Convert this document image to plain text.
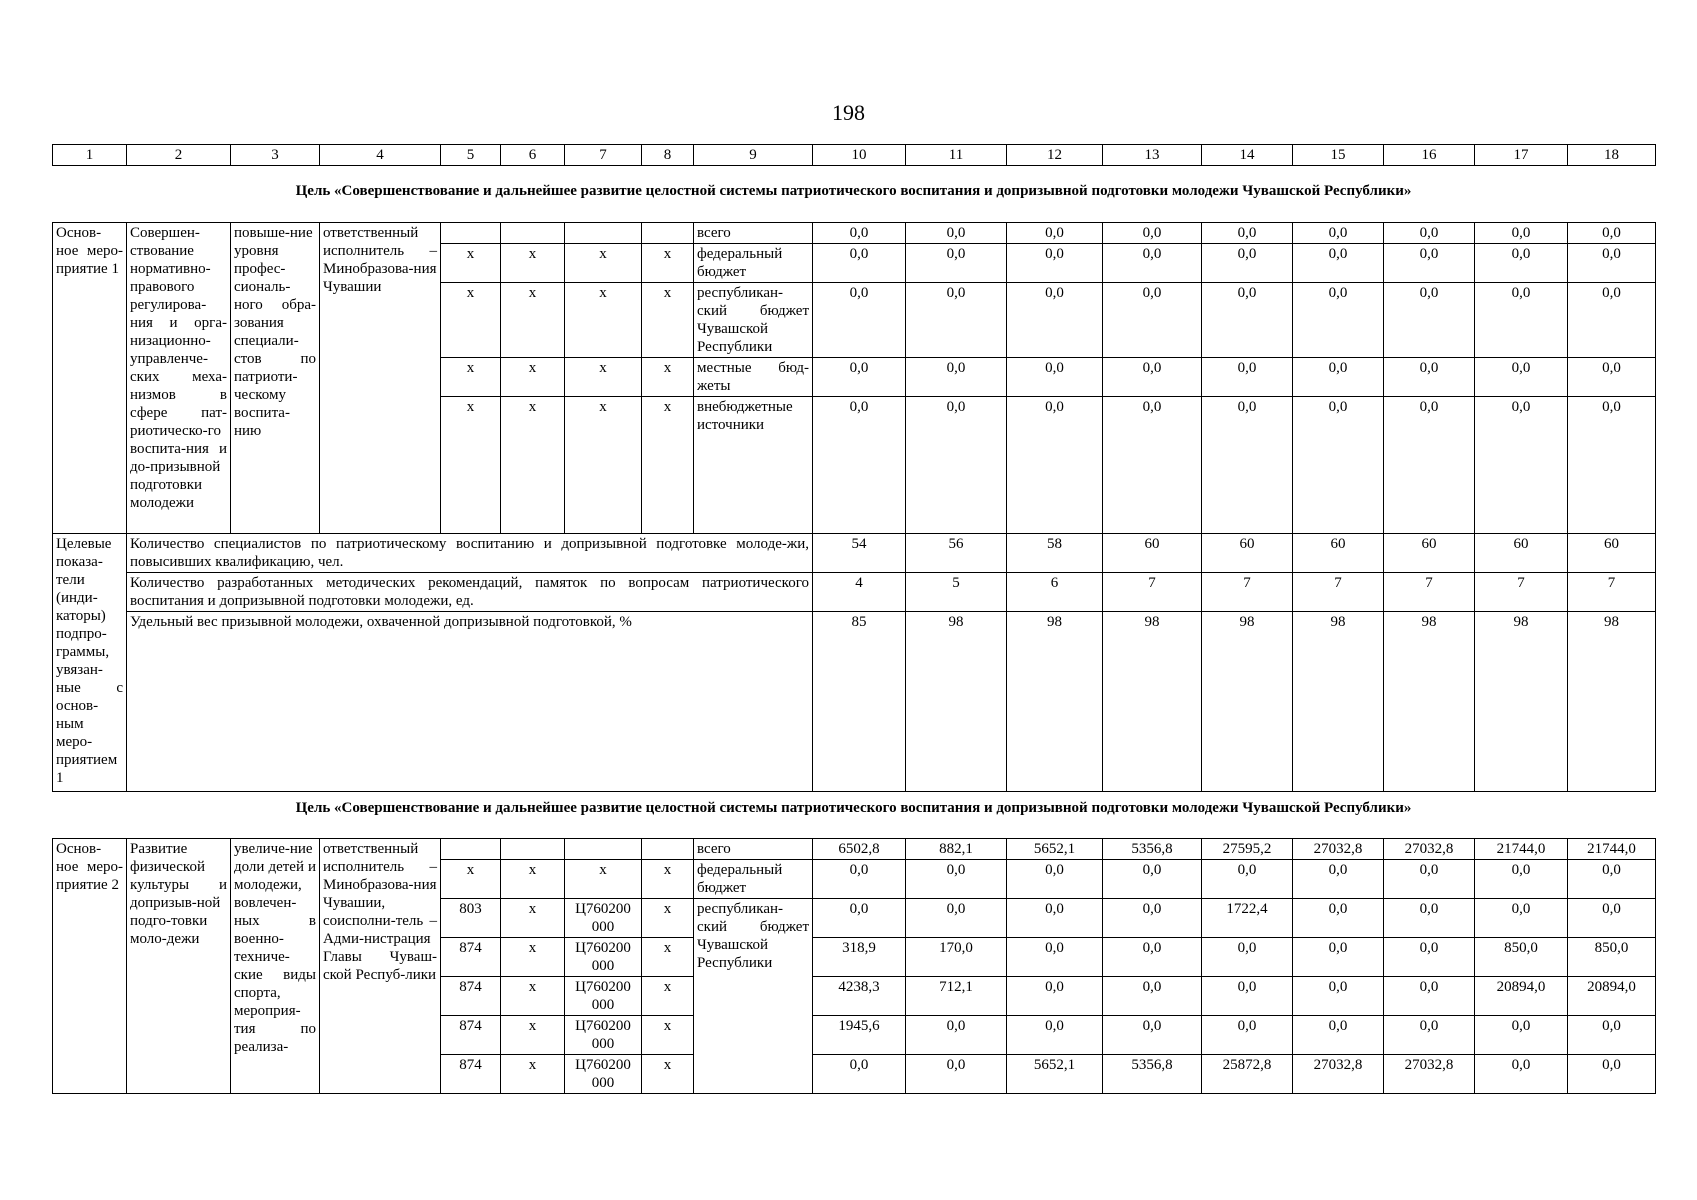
198
1	2	3	4	5	6	7	8	9	10	11	12	13	14	15	16	17	18
Цель «Совершенствование и дальнейшее развитие целостной системы патриотического воспитания и допризывной подготовки молодежи Чувашской Республики»
Основ-ное меро-приятие 1	Совершен-ствование нормативно-правового регулирова-ния и орга-низационно-управленче-ских меха-низмов в сфере пат-риотическо-го воспита-ния и до-призывной подготовки молодежи	повыше-ние уровня профес-сиональ-ного обра-зования специали-стов по патриоти-ческому воспита-нию	ответственный исполнитель – Минобразова-ния Чувашии					всего	0,0	0,0	0,0	0,0	0,0	0,0	0,0	0,0	0,0
				х	х	х	х	федеральный бюджет	0,0	0,0	0,0	0,0	0,0	0,0	0,0	0,0	0,0
				х	х	х	х	республикан-ский бюджет Чувашской Республики	0,0	0,0	0,0	0,0	0,0	0,0	0,0	0,0	0,0
				х	х	х	х	местные бюд-жеты	0,0	0,0	0,0	0,0	0,0	0,0	0,0	0,0	0,0
				х	х	х	х	внебюджетные источники	0,0	0,0	0,0	0,0	0,0	0,0	0,0	0,0	0,0
Целевые показа-тели (инди-каторы) подпро-граммы, увязан-ные с основ-ным меро-приятием 1	Количество специалистов по патриотическому воспитанию и допризывной подготовке молоде-жи, повысивших квалификацию, чел.								54	56	58	60	60	60	60	60	60
	Количество разработанных методических рекомендаций, памяток по вопросам патриотического воспитания и допризывной подготовки молодежи, ед.								4	5	6	7	7	7	7	7	7
	Удельный вес призывной молодежи, охваченной допризывной подготовкой, %								85	98	98	98	98	98	98	98	98
Цель «Совершенствование и дальнейшее развитие целостной системы патриотического воспитания и допризывной подготовки молодежи Чувашской Республики»
Основ-ное меро-приятие 2	Развитие физической культуры и допризыв-ной подго-товки моло-дежи	увеличе-ние доли детей и молодежи, вовлечен-ных в военно-техниче-ские виды спорта, мероприя-тия по реализа-	ответственный исполнитель – Минобразова-ния Чувашии, соисполни-тель – Адми-нистрация Главы Чуваш-ской Респуб-лики					всего	6502,8	882,1	5652,1	5356,8	27595,2	27032,8	27032,8	21744,0	21744,0
				х	х	х	х	федеральный бюджет	0,0	0,0	0,0	0,0	0,0	0,0	0,0	0,0	0,0
				803	х	Ц760200 000	х	республикан-ский бюджет Чувашской Республики	0,0	0,0	0,0	0,0	1722,4	0,0	0,0	0,0	0,0
				874	х	Ц760200 000	х		318,9	170,0	0,0	0,0	0,0	0,0	0,0	850,0	850,0
				874	х	Ц760200 000	х		4238,3	712,1	0,0	0,0	0,0	0,0	0,0	20894,0	20894,0
				874	х	Ц760200 000	х		1945,6	0,0	0,0	0,0	0,0	0,0	0,0	0,0	0,0
				874	х	Ц760200 000	х		0,0	0,0	5652,1	5356,8	25872,8	27032,8	27032,8	0,0	0,0
